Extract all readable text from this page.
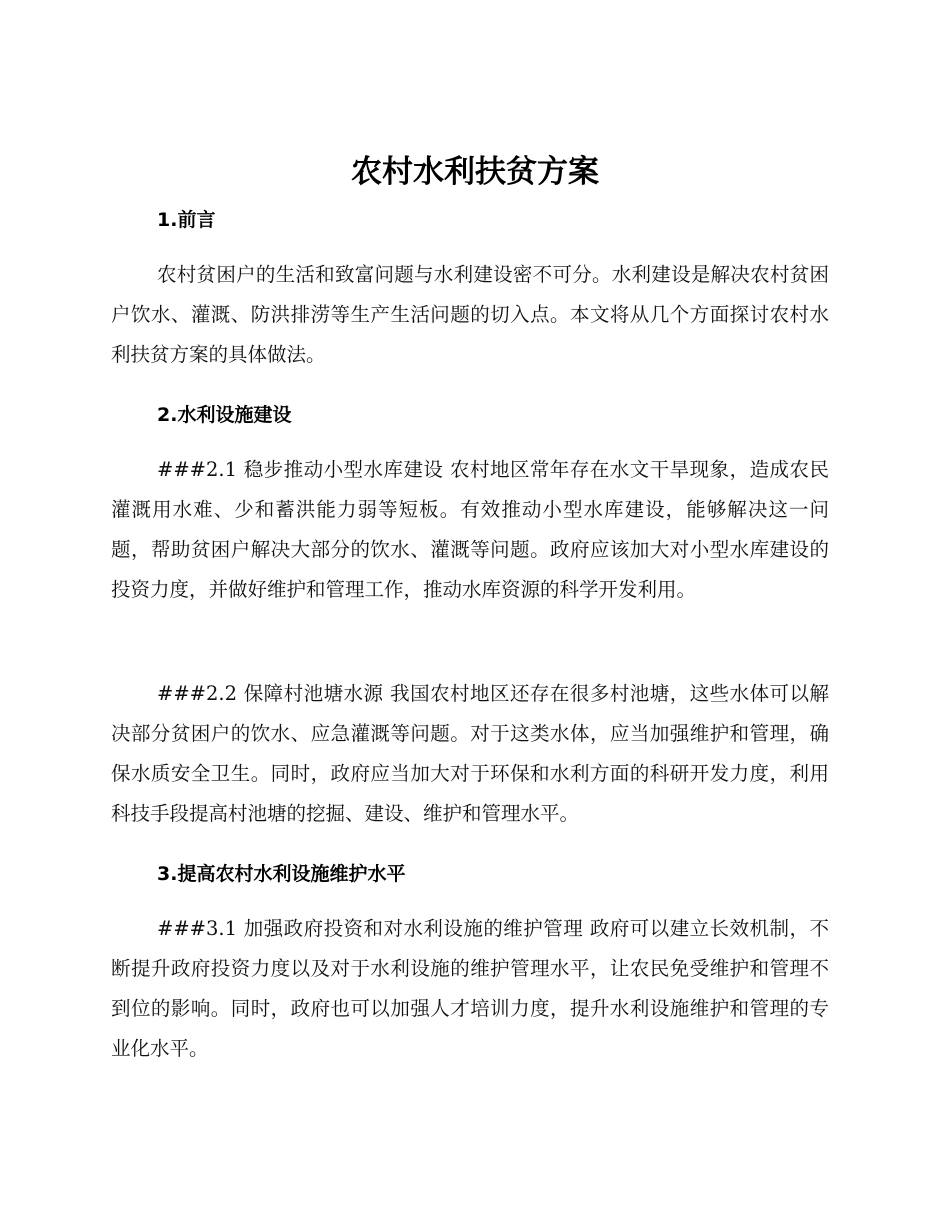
农村水利扶贫方案
1.前言

农村贫困户的生活和致富问题与水利建设密不可分。水利建设是解决农村贫困户饮水、灌溉、防洪排涝等生产生活问题的切入点。本文将从几个方面探讨农村水利扶贫方案的具体做法。

2.水利设施建设

###2.1 稳步推动小型水库建设 农村地区常年存在水文干旱现象，造成农民灌溉用水难、少和蓄洪能力弱等短板。有效推动小型水库建设，能够解决这一问题，帮助贫困户解决大部分的饮水、灌溉等问题。政府应该加大对小型水库建设的投资力度，并做好维护和管理工作，推动水库资源的科学开发利用。

###2.2 保障村池塘水源 我国农村地区还存在很多村池塘，这些水体可以解决部分贫困户的饮水、应急灌溉等问题。对于这类水体，应当加强维护和管理，确保水质安全卫生。同时，政府应当加大对于环保和水利方面的科研开发力度，利用科技手段提高村池塘的挖掘、建设、维护和管理水平。

3.提高农村水利设施维护水平

###3.1 加强政府投资和对水利设施的维护管理 政府可以建立长效机制，不断提升政府投资力度以及对于水利设施的维护管理水平，让农民免受维护和管理不到位的影响。同时，政府也可以加强人才培训力度，提升水利设施维护和管理的专业化水平。
